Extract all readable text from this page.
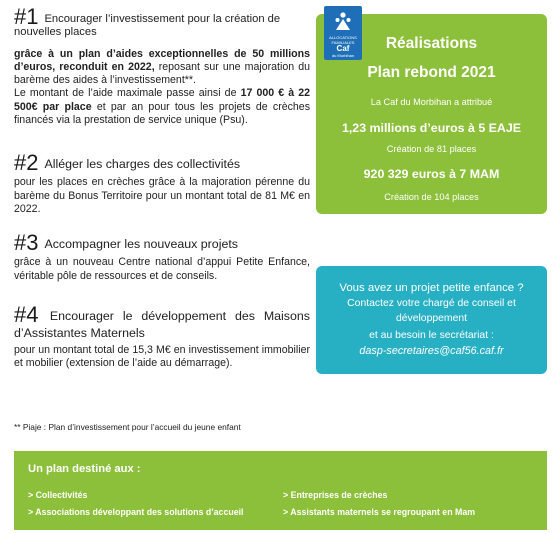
#1 Encourager l’investissement pour la création de nouvelles places

grâce à un plan d’aides exceptionnelles de 50 millions d’euros, reconduit en 2022, reposant sur une majoration du barème des aides à l’investissement**.

Le montant de l’aide maximale passe ainsi de 17 000 € à 22 500€ par place et par an pour tous les projets de crèches financés via la prestation de service unique (Psu).

#2 Alléger les charges des collectivités

pour les places en crèches grâce à la majoration pérenne du barème du Bonus Territoire pour un montant total de 81 M€ en 2022.

#3 Accompagner les nouveaux projets

grâce à un nouveau Centre national d’appui Petite Enfance, véritable pôle de ressources et de conseils.

#4 Encourager le développement des Maisons d’Assistantes Maternels

pour un montant total de 15,3 M€ en investissement immobilier et mobilier (extension de l’aide au démarrage).

Réalisations
Plan rebond 2021
La Caf du Morbihan a attribué
1,23 millions d’euros à 5 EAJE
Création de 81 places
920 329 euros à 7 MAM
Création de 104 places
ALLOCATIONS
FAMILIALES
Caf
du Morbihan
Vous avez un projet petite enfance ?
Contactez votre chargé de conseil et
développement
et au besoin le secrétariat :
dasp-secretaires@caf56.caf.fr
** Piaje : Plan d’investissement pour l’accueil du jeune enfant
Un plan destiné aux :
> Collectivités
> Associations développant des solutions d’accueil
> Entreprises de crèches
> Assistants maternels se regroupant en Mam
